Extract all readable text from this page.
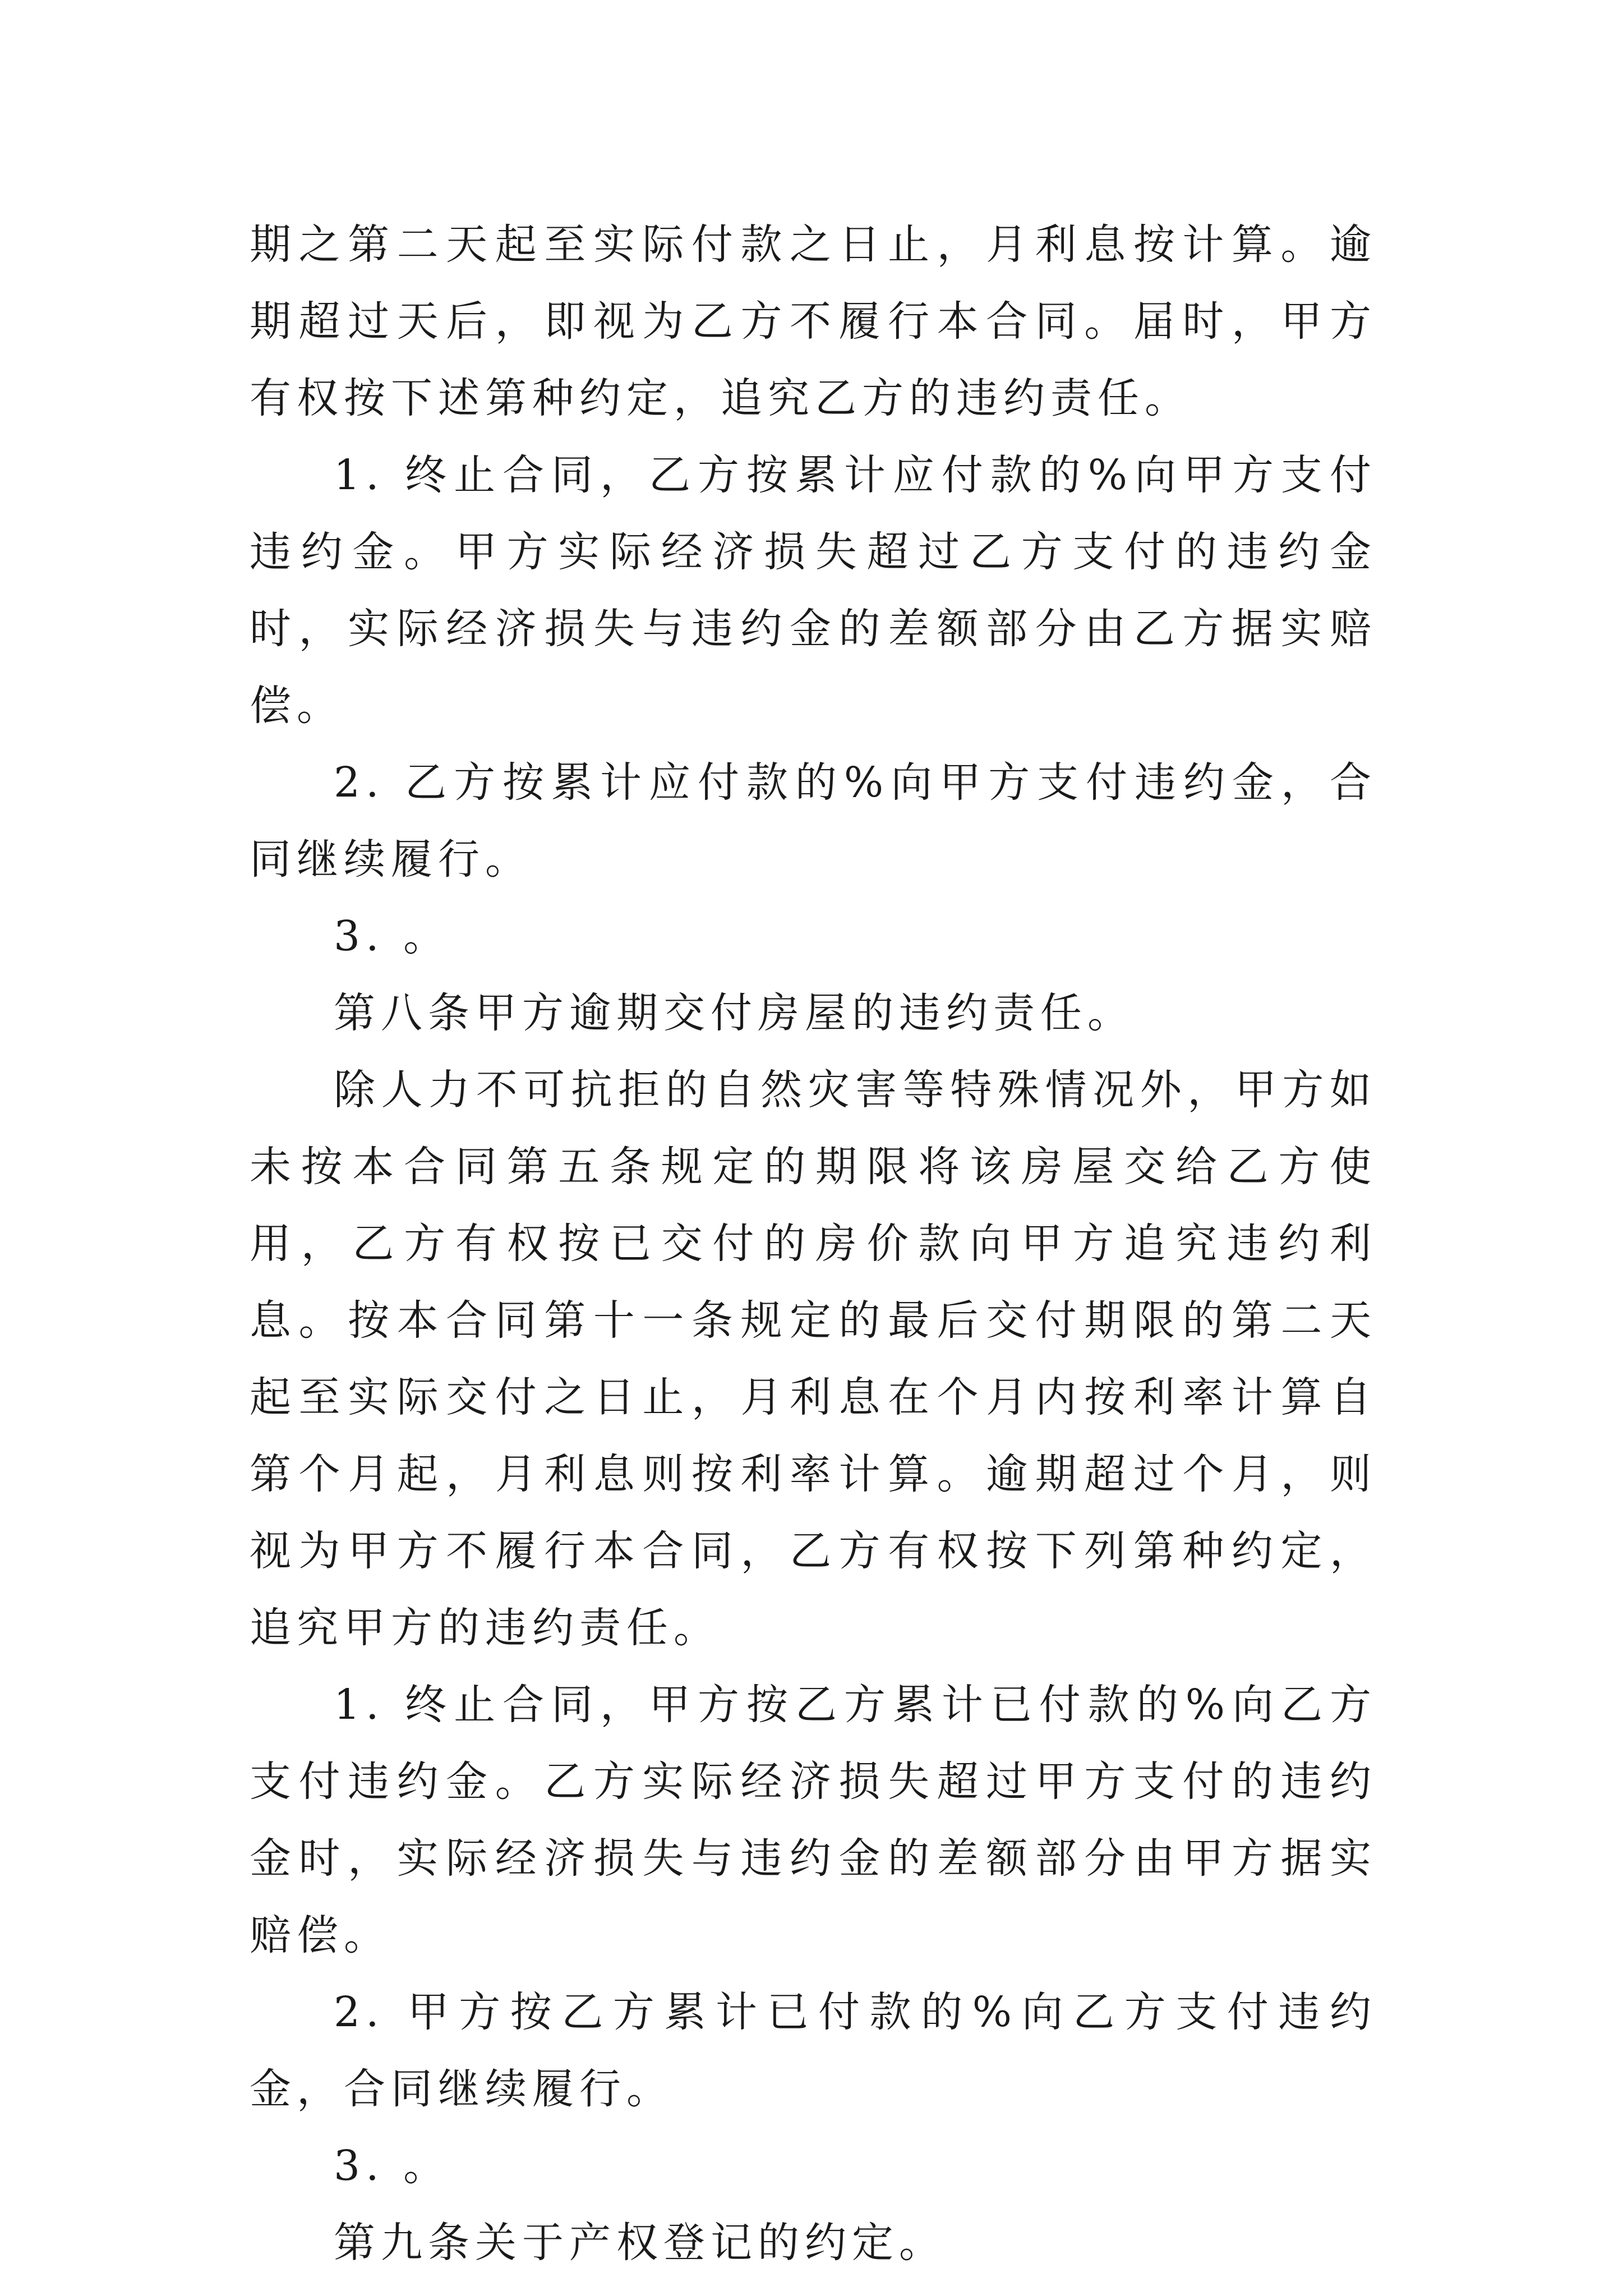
期之第二天起至实际付款之日止，月利息按计算。逾期超过天后，即视为乙方不履行本合同。届时，甲方有权按下述第种约定，追究乙方的违约责任。

1. 终止合同，乙方按累计应付款的%向甲方支付违约金。甲方实际经济损失超过乙方支付的违约金时，实际经济损失与违约金的差额部分由乙方据实赔偿。

2. 乙方按累计应付款的%向甲方支付违约金，合同继续履行。

3. 。

第八条甲方逾期交付房屋的违约责任。

除人力不可抗拒的自然灾害等特殊情况外，甲方如未按本合同第五条规定的期限将该房屋交给乙方使用，乙方有权按已交付的房价款向甲方追究违约利息。按本合同第十一条规定的最后交付期限的第二天起至实际交付之日止，月利息在个月内按利率计算自第个月起，月利息则按利率计算。逾期超过个月，则视为甲方不履行本合同，乙方有权按下列第种约定，追究甲方的违约责任。

1. 终止合同，甲方按乙方累计已付款的%向乙方支付违约金。乙方实际经济损失超过甲方支付的违约金时，实际经济损失与违约金的差额部分由甲方据实赔偿。

2. 甲方按乙方累计已付款的%向乙方支付违约金，合同继续履行。

3. 。

第九条关于产权登记的约定。
